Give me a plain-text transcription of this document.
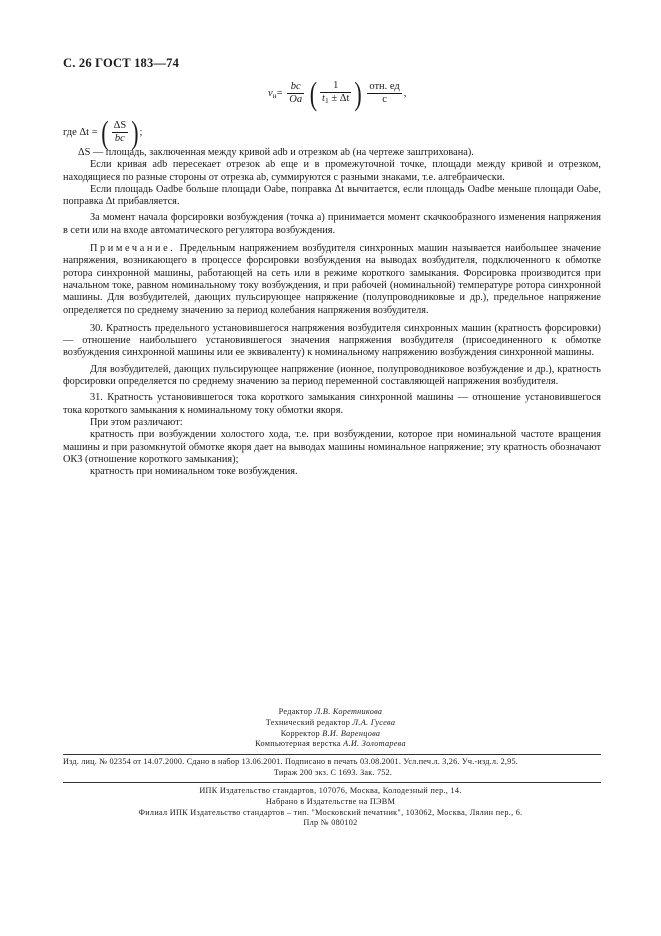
С. 26 ГОСТ 183—74
$v_н= \frac{bc}{Oa}$ ( $\frac{1}{t_1 \pm \Delta t}$ ) $\frac{\text{отн. ед}}{с}$ ,
где Δt = ( $\frac{\Delta S}{bc}$ );

ΔS — площадь, заключенная между кривой adb и отрезком ab (на чертеже заштрихована).

Если кривая adb пересекает отрезок ab еще и в промежуточной точке, площади между кривой и отрезком, находящиеся по разные стороны от отрезка ab, суммируются с разными знаками, т.е. алгебраически.

Если площадь Oadbe больше площади Oabe, поправка Δt вычитается, если площадь Oadbe меньше площади Oabe, поправка Δt прибавляется.

За момент начала форсировки возбуждения (точка a) принимается момент скачкообразного изменения напряжения в сети или на входе автоматического регулятора возбуждения.

Примечание. Предельным напряжением возбудителя синхронных машин называется наибольшее значение напряжения, возникающего в процессе форсировки возбуждения на выводах возбудителя, подключенного к обмотке ротора синхронной машины, работающей на сеть или в режиме короткого замыкания. Форсировка производится при начальном токе, равном номинальному току возбуждения, и при рабочей (номинальной) температуре ротора синхронной машины. Для возбудителей, дающих пульсирующее напряжение (полупроводниковые и др.), предельное напряжение определяется по среднему значению за период колебания напряжения возбудителя.

30. Кратность предельного установившегося напряжения возбудителя синхронных машин (кратность форсировки) — отношение наибольшего установившегося значения напряжения возбудителя (присоединенного к обмотке возбуждения синхронной машины или ее эквиваленту) к номинальному напряжению возбуждения синхронной машины.

Для возбудителей, дающих пульсирующее напряжение (ионное, полупроводниковое возбуждение и др.), кратность форсировки определяется по среднему значению за период переменной составляющей напряжения возбудителя.

31. Кратность установившегося тока короткого замыкания синхронной машины — отношение установившегося тока короткого замыкания к номинальному току обмотки якоря.

При этом различают:

кратность при возбуждении холостого хода, т.е. при возбуждении, которое при номинальной частоте вращения машины и при разомкнутой обмотке якоря дает на выводах машины номинальное напряжение; эту кратность обозначают ОКЗ (отношение короткого замыкания);

кратность при номинальном токе возбуждения.

Редактор Л.В. Коретникова
Технический редактор Л.А. Гусева
Корректор В.И. Варенцова
Компьютерная верстка А.И. Золотарева
Изд. лиц. № 02354 от 14.07.2000. Сдано в набор 13.06.2001. Подписано в печать 03.08.2001. Усл.печ.л. 3,26. Уч.-изд.л. 2,95.
Тираж 200 экз. С 1693. Зак. 752.
ИПК Издательство стандартов, 107076, Москва, Колодезный пер., 14.
Набрано в Издательстве на ПЭВМ
Филиал ИПК Издательство стандартов – тип. "Московский печатник", 103062, Москва, Лялин пер., 6.
Плр № 080102
